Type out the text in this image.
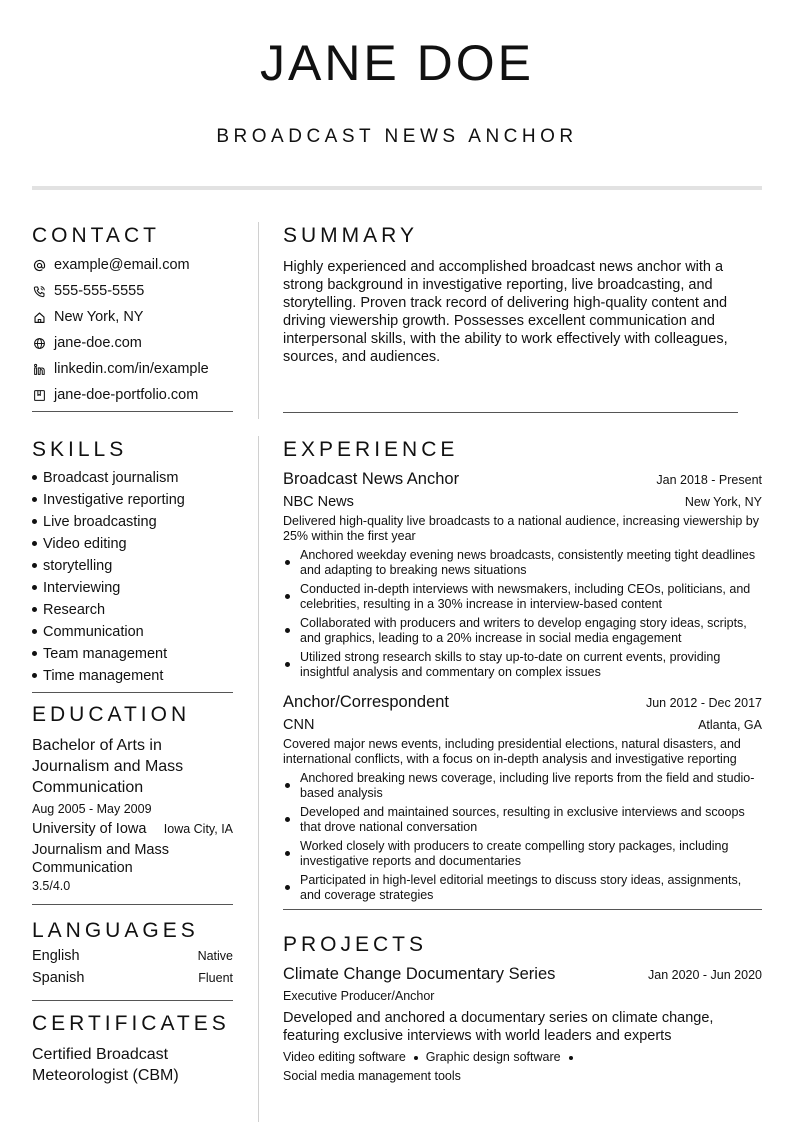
JANE DOE
BROADCAST NEWS ANCHOR
CONTACT
example@email.com
555-555-5555
New York, NY
jane-doe.com
linkedin.com/in/example
jane-doe-portfolio.com
SKILLS
Broadcast journalism
Investigative reporting
Live broadcasting
Video editing
storytelling
Interviewing
Research
Communication
Team management
Time management
EDUCATION
Bachelor of Arts in Journalism and Mass Communication
Aug 2005 - May 2009
University of Iowa Iowa City, IA
Journalism and Mass Communication
3.5/4.0
LANGUAGES
English	Native
Spanish	Fluent
CERTIFICATES
Certified Broadcast Meteorologist (CBM)
SUMMARY
Highly experienced and accomplished broadcast news anchor with a strong background in investigative reporting, live broadcasting, and storytelling. Proven track record of delivering high-quality content and driving viewership growth. Possesses excellent communication and interpersonal skills, with the ability to work effectively with colleagues, sources, and audiences.
EXPERIENCE
Broadcast News Anchor	Jan 2018 - Present
NBC News	New York, NY
Delivered high-quality live broadcasts to a national audience, increasing viewership by 25% within the first year
Anchored weekday evening news broadcasts, consistently meeting tight deadlines and adapting to breaking news situations
Conducted in-depth interviews with newsmakers, including CEOs, politicians, and celebrities, resulting in a 30% increase in interview-based content
Collaborated with producers and writers to develop engaging story ideas, scripts, and graphics, leading to a 20% increase in social media engagement
Utilized strong research skills to stay up-to-date on current events, providing insightful analysis and commentary on complex issues
Anchor/Correspondent	Jun 2012 - Dec 2017
CNN	Atlanta, GA
Covered major news events, including presidential elections, natural disasters, and international conflicts, with a focus on in-depth analysis and investigative reporting
Anchored breaking news coverage, including live reports from the field and studio-based analysis
Developed and maintained sources, resulting in exclusive interviews and scoops that drove national conversation
Worked closely with producers to create compelling story packages, including investigative reports and documentaries
Participated in high-level editorial meetings to discuss story ideas, assignments, and coverage strategies
PROJECTS
Climate Change Documentary Series	Jan 2020 - Jun 2020
Executive Producer/Anchor
Developed and anchored a documentary series on climate change, featuring exclusive interviews with world leaders and experts
Video editing software Graphic design software
Social media management tools
